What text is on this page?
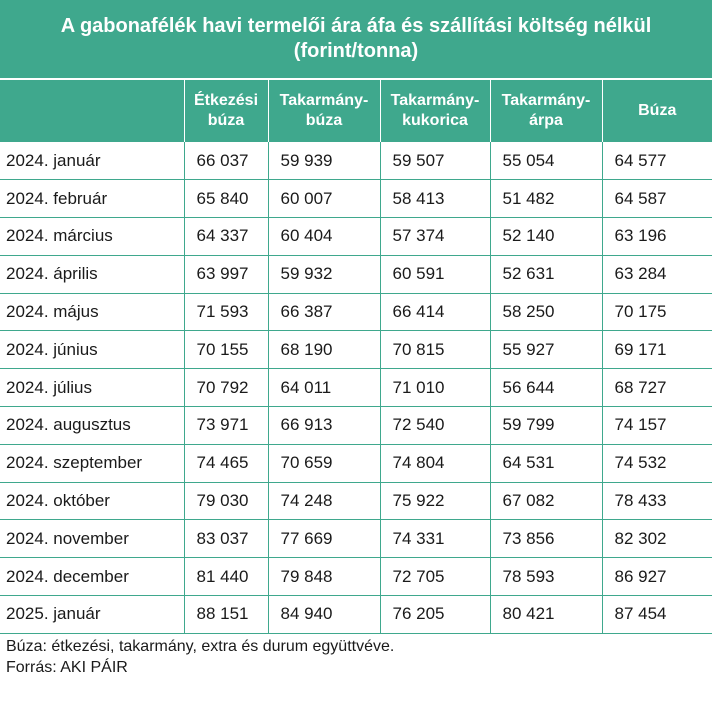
A gabonafélék havi termelői ára áfa és szállítási költség nélkül (forint/tonna)
	Étkezési búza	Takarmány-búza	Takarmány-kukorica	Takarmány-árpa	Búza
2024. január	66 037	59 939	59 507	55 054	64 577
2024. február	65 840	60 007	58 413	51 482	64 587
2024. március	64 337	60 404	57 374	52 140	63 196
2024. április	63 997	59 932	60 591	52 631	63 284
2024. május	71 593	66 387	66 414	58 250	70 175
2024. június	70 155	68 190	70 815	55 927	69 171
2024. július	70 792	64 011	71 010	56 644	68 727
2024. augusztus	73 971	66 913	72 540	59 799	74 157
2024. szeptember	74 465	70 659	74 804	64 531	74 532
2024. október	79 030	74 248	75 922	67 082	78 433
2024. november	83 037	77 669	74 331	73 856	82 302
2024. december	81 440	79 848	72 705	78 593	86 927
2025. január	88 151	84 940	76 205	80 421	87 454
Búza: étkezési, takarmány, extra és durum együttvéve.
Forrás: AKI PÁIR
